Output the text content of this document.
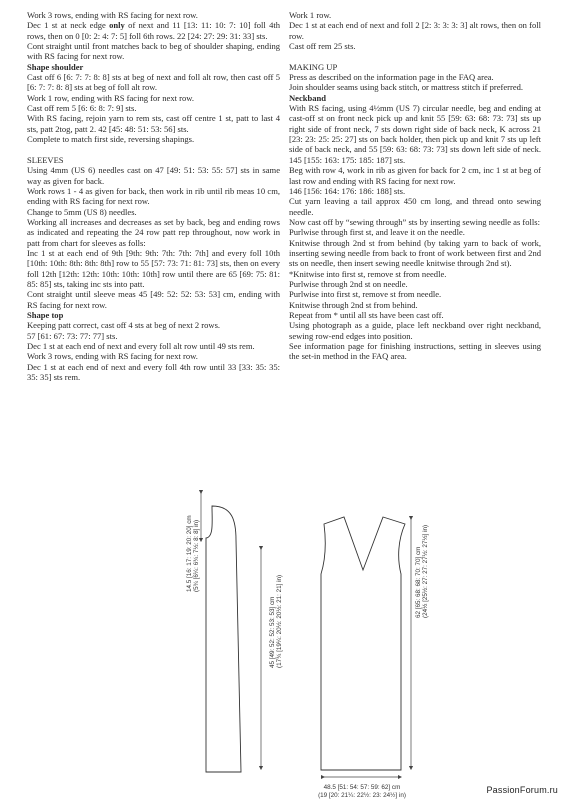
Work 3 rows, ending with RS facing for next row.

Dec 1 st at neck edge only of next and 11 [13: 11: 10: 7: 10] foll 4th rows, then on 0 [0: 2: 4: 7: 5] foll 6th rows. 22 [24: 27: 29: 31: 33] sts.

Cont straight until front matches back to beg of shoulder shaping, ending with RS facing for next row.

Shape shoulder

Cast off 6 [6: 7: 7: 8: 8] sts at beg of next and foll alt row, then cast off 5 [6: 7: 7: 8: 8] sts at beg of foll alt row.

Work 1 row, ending with RS facing for next row.

Cast off rem 5 [6: 6: 8: 7: 9] sts.

With RS facing, rejoin yarn to rem sts, cast off centre 1 st, patt to last 4 sts, patt 2tog, patt 2. 42 [45: 48: 51: 53: 56] sts.

Complete to match first side, reversing shapings.

SLEEVES

Using 4mm (US 6) needles cast on 47 [49: 51: 53: 55: 57] sts in same way as given for back.

Work rows 1 - 4 as given for back, then work in rib until rib meas 10 cm, ending with RS facing for next row.

Change to 5mm (US 8) needles.

Working all increases and decreases as set by back, beg and ending rows as indicated and repeating the 24 row patt rep throughout, now work in patt from chart for sleeves as folls:

Inc 1 st at each end of 9th [9th: 9th: 7th: 7th: 7th] and every foll 10th [10th: 10th: 8th: 8th: 8th] row to 55 [57: 73: 71: 81: 73] sts, then on every foll 12th [12th: 12th: 10th: 10th: 10th] row until there are 65 [69: 75: 81: 85: 85] sts, taking inc sts into patt.

Cont straight until sleeve meas 45 [49: 52: 52: 53: 53] cm, ending with RS facing for next row.

Shape top

Keeping patt correct, cast off 4 sts at beg of next 2 rows.

57 [61: 67: 73: 77: 77] sts.

Dec 1 st at each end of next and every foll alt row until 49 sts rem.

Work 3 rows, ending with RS facing for next row.

Dec 1 st at each end of next and every foll 4th row until 33 [33: 35: 35: 35: 35] sts rem.

Work 1 row.

Dec 1 st at each end of next and foll 2 [2: 3: 3: 3: 3] alt rows, then on foll row.

Cast off rem 25 sts.

MAKING UP

Press as described on the information page in the FAQ area.

Join shoulder seams using back stitch, or mattress stitch if preferred.

Neckband

With RS facing, using 4½mm (US 7) circular needle, beg and ending at cast-off st on front neck pick up and knit 55 [59: 63: 68: 73: 73] sts up right side of front neck, 7 sts down right side of back neck, K across 21 [23: 23: 25: 25: 27] sts on back holder, then pick up and knit 7 sts up left side of back neck, and 55 [59: 63: 68: 73: 73] sts down left side of neck. 145 [155: 163: 175: 185: 187] sts.

Beg with row 4, work in rib as given for back for 2 cm, inc 1 st at beg of last row and ending with RS facing for next row.

146 [156: 164: 176: 186: 188] sts.

Cut yarn leaving a tail approx 450 cm long, and thread onto sewing needle.

Now cast off by “sewing through” sts by inserting sewing needle as folls:

Purlwise through first st, and leave it on the needle.

Knitwise through 2nd st from behind (by taking yarn to back of work, inserting sewing needle from back to front of work between first and 2nd sts on needle, then insert sewing needle knitwise through 2nd st).

*Knitwise into first st, remove st from needle.

Purlwise through 2nd st on needle.

Purlwise into first st, remove st from needle.

Knitwise through 2nd st from behind.

Repeat from * until all sts have been cast off.

Using photograph as a guide, place left neckband over right neckband, sewing row-end edges into position.

See information page for finishing instructions, setting in sleeves using the set-in method in the FAQ area.

14.5 [16: 17: 19: 20: 20] cm (5¾ [6¼: 6¾: 7½: 8: 8] in)
45 [49: 52: 52: 53: 53] cm (17¾ [19¼: 20½: 20½: 21: 21] in)
48.5 [51: 54: 57: 59: 62] cm
(19 [20: 21¼: 22½: 23: 24½] in)
62 [65: 68: 68: 70: 70] cm (24½ [25½: 27: 27: 27½: 27½] in)
PassionForum.ru
